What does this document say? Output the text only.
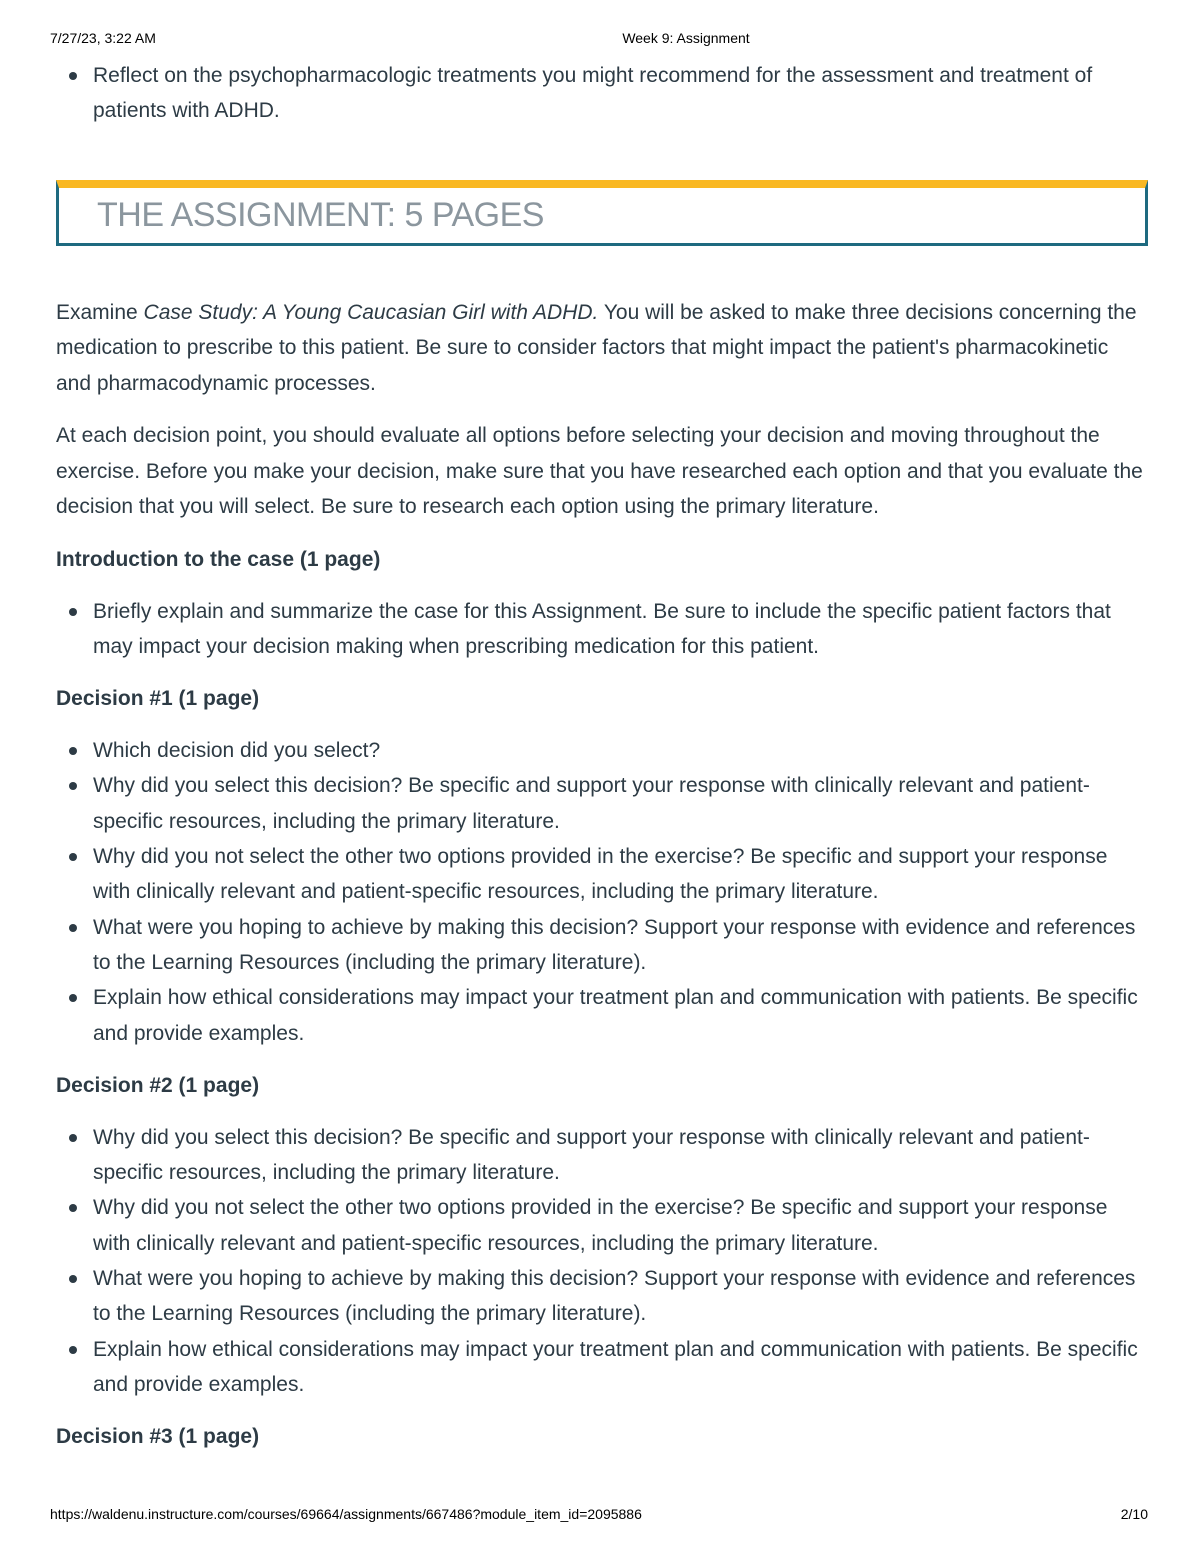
7/27/23, 3:22 AM	Week 9: Assignment
Reflect on the psychopharmacologic treatments you might recommend for the assessment and treatment of patients with ADHD.
THE ASSIGNMENT: 5 PAGES

Examine Case Study: A Young Caucasian Girl with ADHD. You will be asked to make three decisions concerning the medication to prescribe to this patient. Be sure to consider factors that might impact the patient's pharmacokinetic and pharmacodynamic processes.

At each decision point, you should evaluate all options before selecting your decision and moving throughout the exercise. Before you make your decision, make sure that you have researched each option and that you evaluate the decision that you will select. Be sure to research each option using the primary literature.

Introduction to the case (1 page)
Briefly explain and summarize the case for this Assignment. Be sure to include the specific patient factors that may impact your decision making when prescribing medication for this patient.
Decision #1 (1 page)
Which decision did you select?
Why did you select this decision? Be specific and support your response with clinically relevant and patient-specific resources, including the primary literature.
Why did you not select the other two options provided in the exercise? Be specific and support your response with clinically relevant and patient-specific resources, including the primary literature.
What were you hoping to achieve by making this decision? Support your response with evidence and references to the Learning Resources (including the primary literature).
Explain how ethical considerations may impact your treatment plan and communication with patients. Be specific and provide examples.
Decision #2 (1 page)
Why did you select this decision? Be specific and support your response with clinically relevant and patient-specific resources, including the primary literature.
Why did you not select the other two options provided in the exercise? Be specific and support your response with clinically relevant and patient-specific resources, including the primary literature.
What were you hoping to achieve by making this decision? Support your response with evidence and references to the Learning Resources (including the primary literature).
Explain how ethical considerations may impact your treatment plan and communication with patients. Be specific and provide examples.
Decision #3 (1 page)
https://waldenu.instructure.com/courses/69664/assignments/667486?module_item_id=2095886	2/10
